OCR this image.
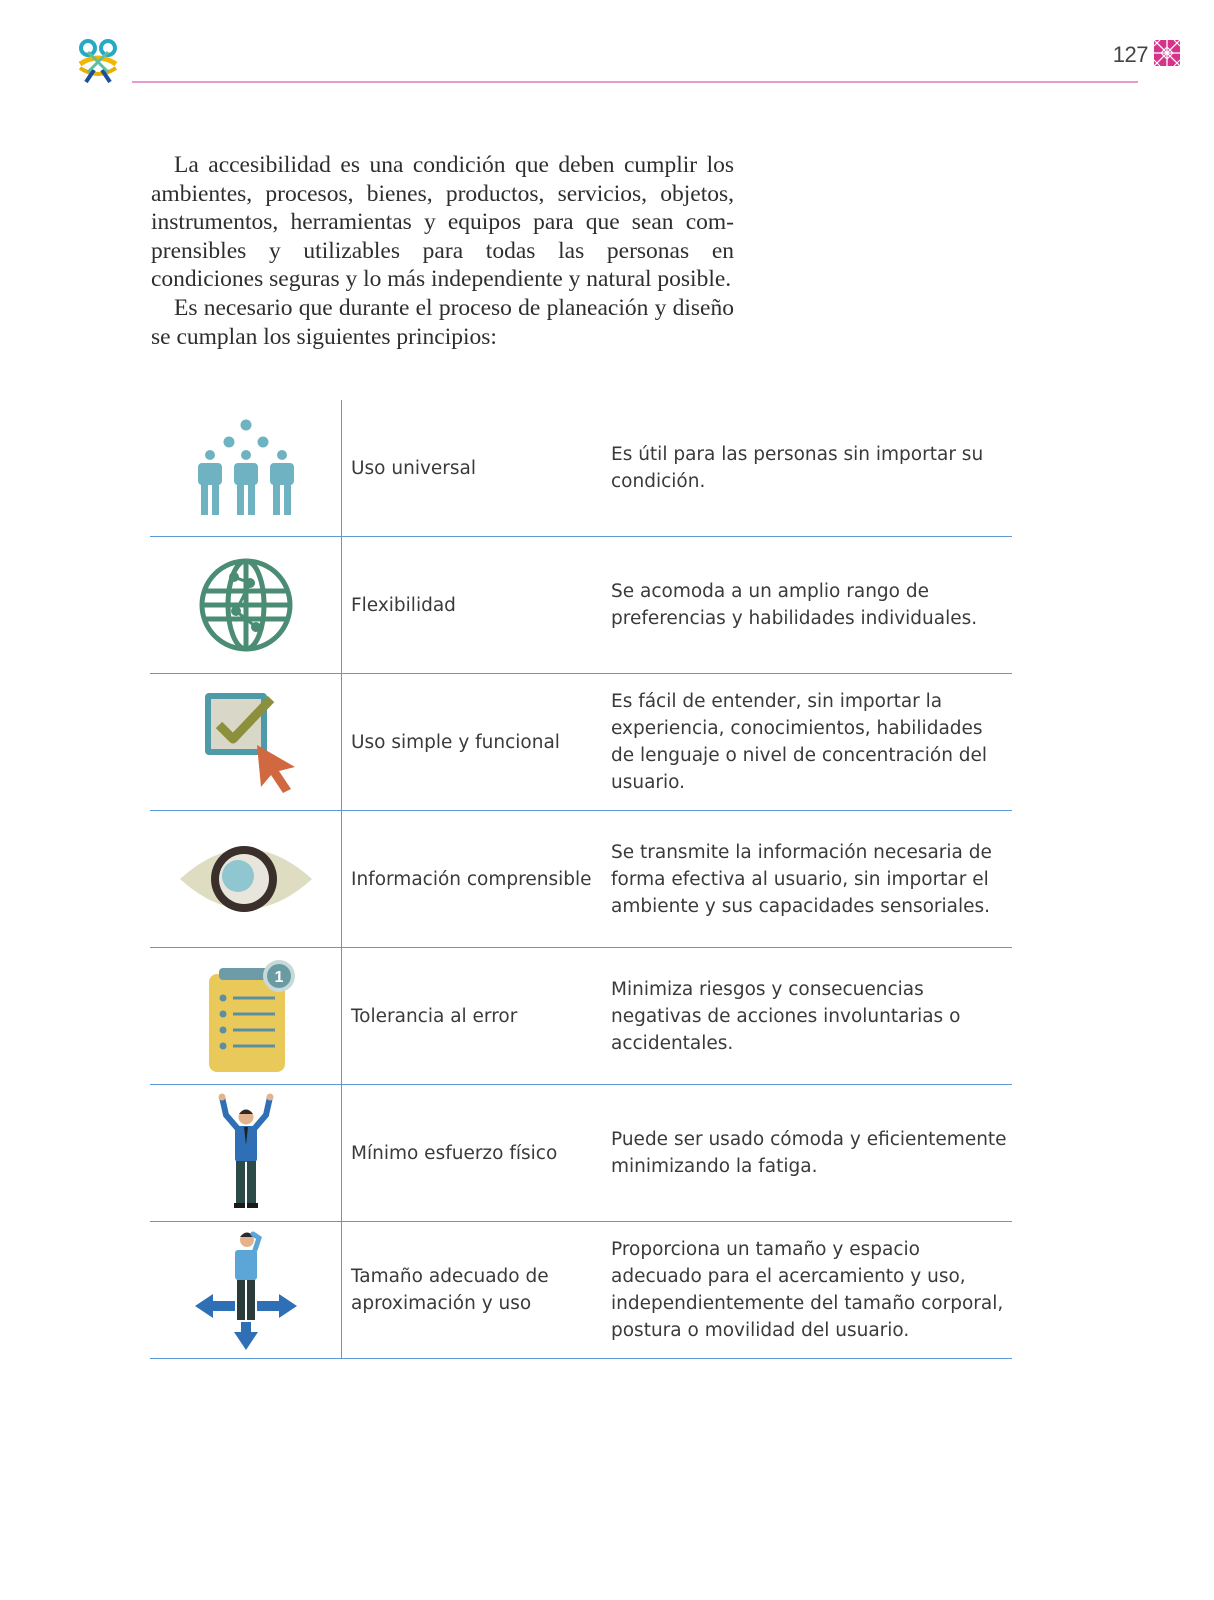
127

La accesibilidad es una condición que deben cumplir los ambientes, procesos, bienes, productos, servicios, objetos, instrumentos, herramientas y equipos para que sean comprensibles y utilizables para todas las personas en condiciones seguras y lo más independiente y natural posible.

Es necesario que durante el proceso de planeación y diseño se cumplan los siguientes principios:

Uso universal
Es útil para las personas sin importar su condición.
Flexibilidad
Se acomoda a un amplio rango de preferencias y habilidades individuales.
Uso simple y funcional
Es fácil de entender, sin importar la experiencia, conocimientos, habilidades de lenguaje o nivel de concentración del usuario.
Información comprensible
Se transmite la información necesaria de forma efectiva al usuario, sin importar el ambiente y sus capacidades sensoriales.
1
Tolerancia al error
Minimiza riesgos y consecuencias negativas de acciones involuntarias o accidentales.
Mínimo esfuerzo físico
Puede ser usado cómoda y eficientemente minimizando la fatiga.
Tamaño adecuado de aproximación y uso
Proporciona un tamaño y espacio adecuado para el acercamiento y uso, independientemente del tamaño corporal, postura o movilidad del usuario.
